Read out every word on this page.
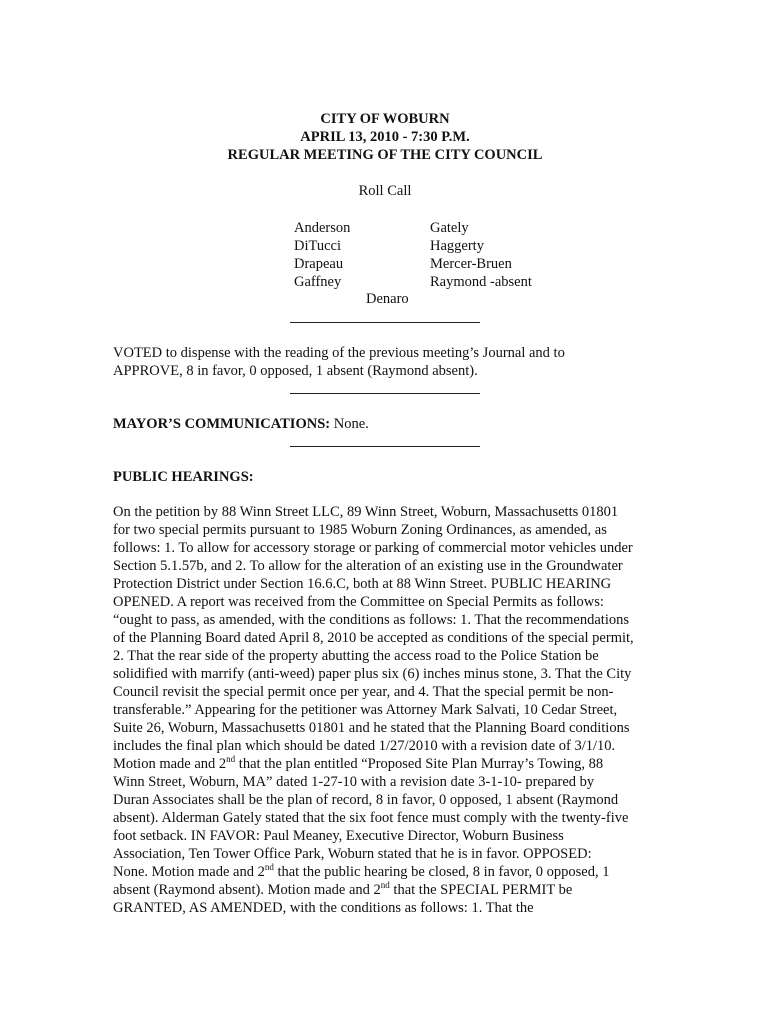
CITY OF WOBURN
APRIL 13, 2010 - 7:30 P.M.
REGULAR MEETING OF THE CITY COUNCIL
Roll Call
Anderson
DiTucci
Drapeau
Gaffney
Gately
Haggerty
Mercer-Bruen
Raymond -absent
Denaro

VOTED to dispense with the reading of the previous meeting’s Journal and to
APPROVE, 8 in favor, 0 opposed, 1 absent (Raymond absent).

MAYOR’S COMMUNICATIONS: None.

PUBLIC HEARINGS:

On the petition by 88 Winn Street LLC, 89 Winn Street, Woburn, Massachusetts 01801
for two special permits pursuant to 1985 Woburn Zoning Ordinances, as amended, as
follows: 1. To allow for accessory storage or parking of commercial motor vehicles under
Section 5.1.57b, and 2. To allow for the alteration of an existing use in the Groundwater
Protection District under Section 16.6.C, both at 88 Winn Street. PUBLIC HEARING
OPENED. A report was received from the Committee on Special Permits as follows:
“ought to pass, as amended, with the conditions as follows: 1. That the recommendations
of the Planning Board dated April 8, 2010 be accepted as conditions of the special permit,
2. That the rear side of the property abutting the access road to the Police Station be
solidified with marrify (anti-weed) paper plus six (6) inches minus stone, 3. That the City
Council revisit the special permit once per year, and 4. That the special permit be non-
transferable.” Appearing for the petitioner was Attorney Mark Salvati, 10 Cedar Street,
Suite 26, Woburn, Massachusetts 01801 and he stated that the Planning Board conditions
includes the final plan which should be dated 1/27/2010 with a revision date of 3/1/10.
Motion made and 2nd that the plan entitled “Proposed Site Plan Murray’s Towing, 88
Winn Street, Woburn, MA” dated 1-27-10 with a revision date 3-1-10- prepared by
Duran Associates shall be the plan of record, 8 in favor, 0 opposed, 1 absent (Raymond
absent). Alderman Gately stated that the six foot fence must comply with the twenty-five
foot setback. IN FAVOR: Paul Meaney, Executive Director, Woburn Business
Association, Ten Tower Office Park, Woburn stated that he is in favor. OPPOSED:
None. Motion made and 2nd that the public hearing be closed, 8 in favor, 0 opposed, 1
absent (Raymond absent). Motion made and 2nd that the SPECIAL PERMIT be
GRANTED, AS AMENDED, with the conditions as follows: 1. That the
